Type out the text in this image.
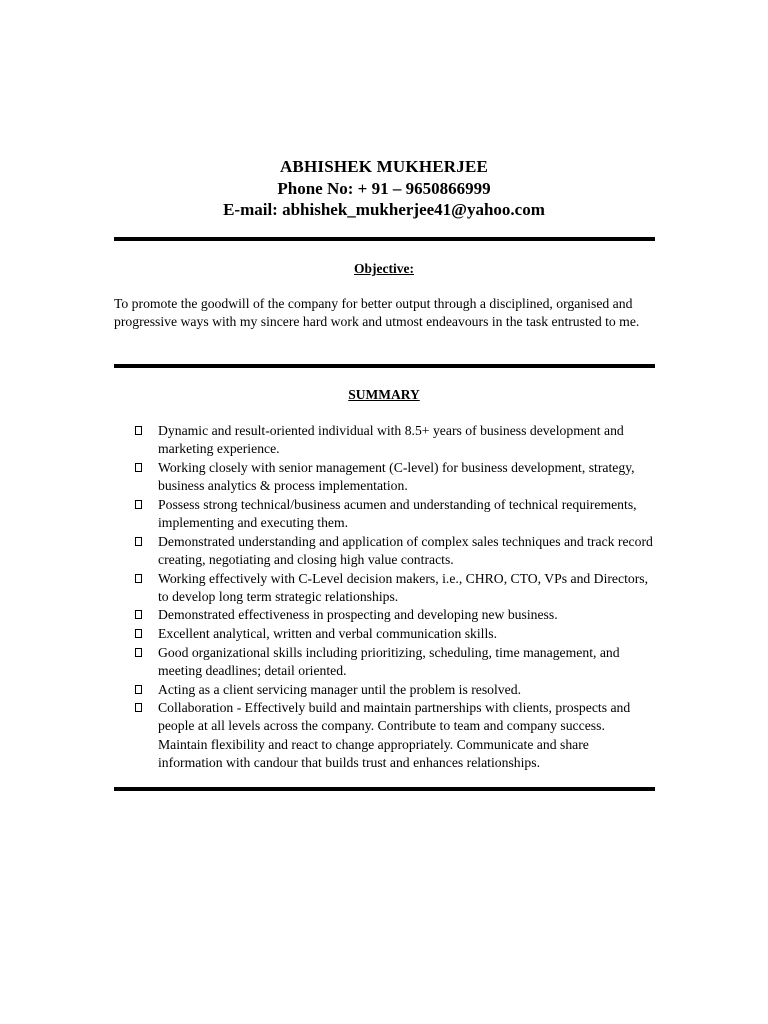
ABHISHEK MUKHERJEE
Phone No: + 91 – 9650866999
E-mail: abhishek_mukherjee41@yahoo.com
Objective:
To promote the goodwill of the company for better output through a disciplined, organised and progressive ways with my sincere hard work and utmost endeavours in the task entrusted to me.
SUMMARY
Dynamic and result-oriented individual with 8.5+ years of business development and marketing experience.
Working closely with senior management (C-level) for business development, strategy, business analytics & process implementation.
Possess strong technical/business acumen and understanding of technical requirements, implementing and executing them.
Demonstrated understanding and application of complex sales techniques and track record creating, negotiating and closing high value contracts.
Working effectively with C-Level decision makers, i.e., CHRO, CTO, VPs and Directors, to develop long term strategic relationships.
Demonstrated effectiveness in prospecting and developing new business.
Excellent analytical, written and verbal communication skills.
Good organizational skills including prioritizing, scheduling, time management, and meeting deadlines; detail oriented.
Acting as a client servicing manager until the problem is resolved.
Collaboration - Effectively build and maintain partnerships with clients, prospects and people at all levels across the company. Contribute to team and company success. Maintain flexibility and react to change appropriately. Communicate and share information with candour that builds trust and enhances relationships.
